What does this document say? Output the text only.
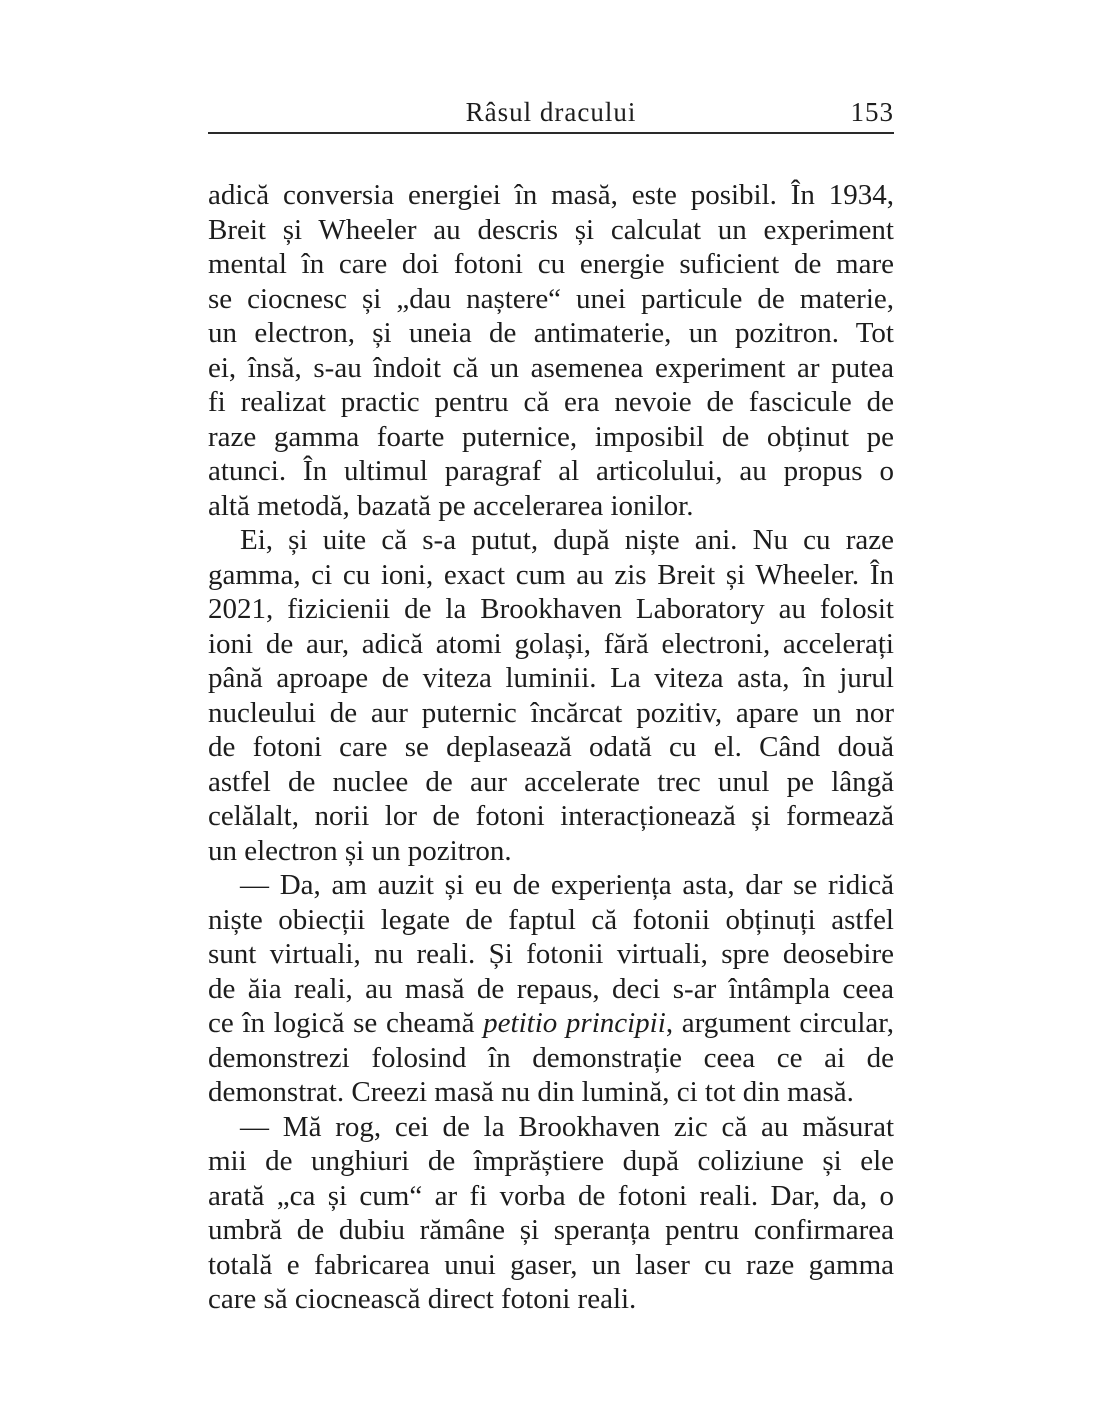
Râsul dracului	153
adică conversia energiei în masă, este posibil. În 1934,
Breit și Wheeler au descris și calculat un experiment
mental în care doi fotoni cu energie suficient de mare
se ciocnesc și „dau naștere“ unei particule de materie,
un electron, și uneia de antimaterie, un pozitron. Tot
ei, însă, s-au îndoit că un asemenea experiment ar putea
fi realizat practic pentru că era nevoie de fascicule de
raze gamma foarte puternice, imposibil de obținut pe
atunci. În ultimul paragraf al articolului, au propus o
altă metodă, bazată pe accelerarea ionilor.
Ei, și uite că s-a putut, după niște ani. Nu cu raze
gamma, ci cu ioni, exact cum au zis Breit și Wheeler. În
2021, fizicienii de la Brookhaven Laboratory au folosit
ioni de aur, adică atomi golași, fără electroni, accelerați
până aproape de viteza luminii. La viteza asta, în jurul
nucleului de aur puternic încărcat pozitiv, apare un nor
de fotoni care se deplasează odată cu el. Când două
astfel de nuclee de aur accelerate trec unul pe lângă
celălalt, norii lor de fotoni interacționează și formează
un electron și un pozitron.
— Da, am auzit și eu de experiența asta, dar se ridică
niște obiecții legate de faptul că fotonii obținuți astfel
sunt virtuali, nu reali. Și fotonii virtuali, spre deosebire
de ăia reali, au masă de repaus, deci s-ar întâmpla ceea
ce în logică se cheamă petitio principii, argument circular,
demonstrezi folosind în demonstrație ceea ce ai de
demonstrat. Creezi masă nu din lumină, ci tot din masă.
— Mă rog, cei de la Brookhaven zic că au măsurat
mii de unghiuri de împrăștiere după coliziune și ele
arată „ca și cum“ ar fi vorba de fotoni reali. Dar, da, o
umbră de dubiu rămâne și speranța pentru confirmarea
totală e fabricarea unui gaser, un laser cu raze gamma
care să ciocnească direct fotoni reali.
